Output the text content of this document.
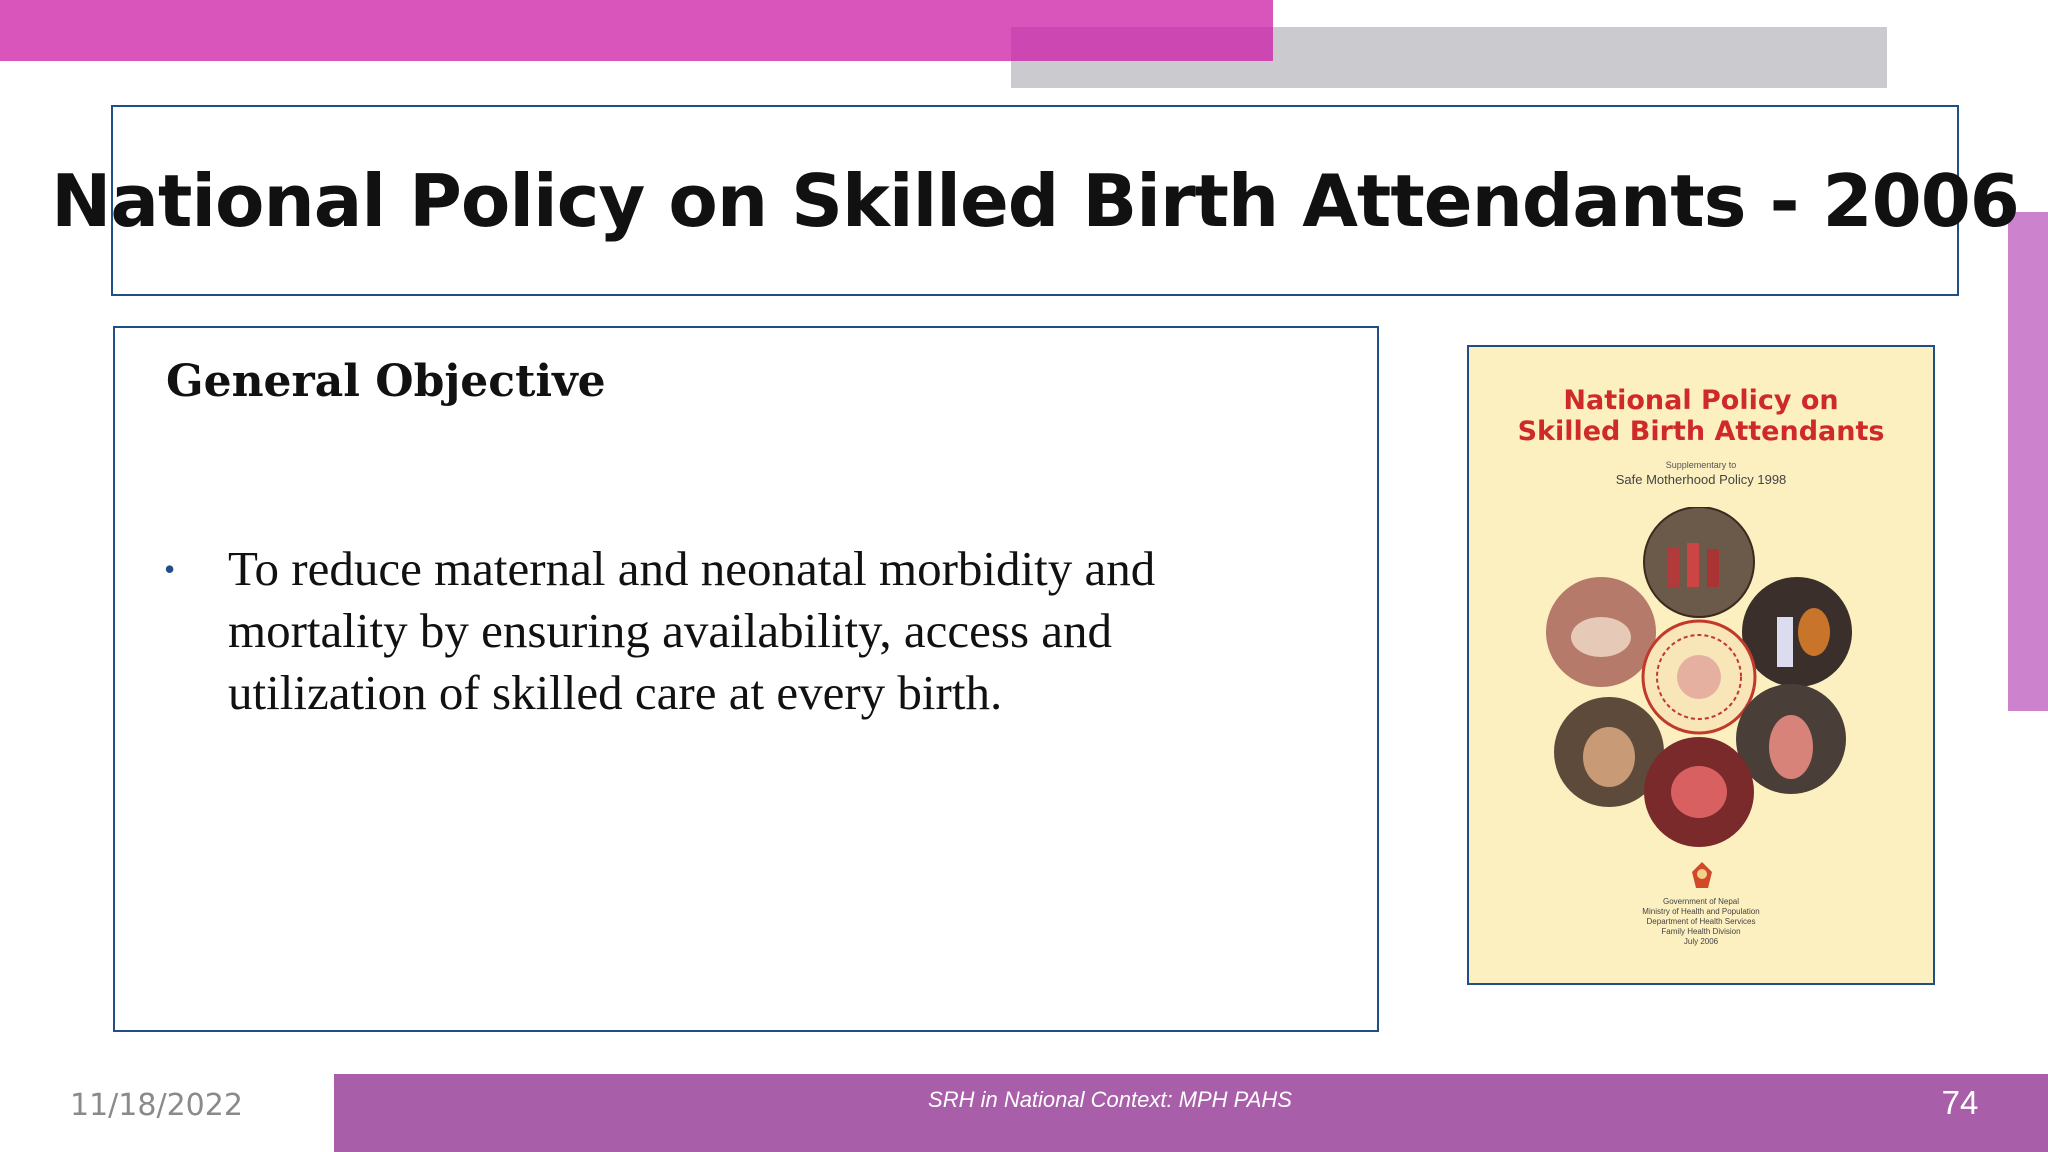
National Policy on Skilled Birth Attendants - 2006
General Objective
•	To reduce maternal and neonatal morbidity and mortality by ensuring availability, access and utilization of skilled care at every birth.
National Policy on
Skilled Birth Attendants
Supplementary to
Safe Motherhood Policy 1998
Government of Nepal
Ministry of Health and Population
Department of Health Services
Family Health Division
July 2006
11/18/2022	SRH in National Context: MPH PAHS	74
